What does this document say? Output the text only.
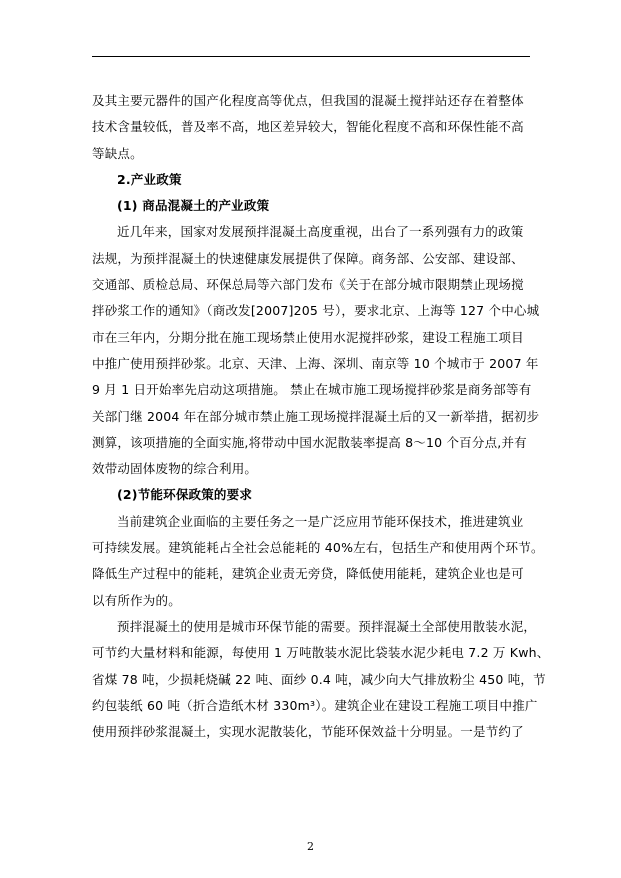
及其主要元器件的国产化程度高等优点，但我国的混凝土搅拌站还存在着整体

技术含量较低，普及率不高，地区差异较大，智能化程度不高和环保性能不高

等缺点。

2.产业政策

(1) 商品混凝土的产业政策

近几年来，国家对发展预拌混凝土高度重视，出台了一系列强有力的政策

法规，为预拌混凝土的快速健康发展提供了保障。商务部、公安部、建设部、

交通部、质检总局、环保总局等六部门发布《关于在部分城市限期禁止现场搅

拌砂浆工作的通知》（商改发[2007]205 号），要求北京、上海等 127 个中心城

市在三年内，分期分批在施工现场禁止使用水泥搅拌砂浆，建设工程施工项目

中推广使用预拌砂浆。北京、天津、上海、深圳、南京等 10 个城市于 2007 年

9 月 1 日开始率先启动这项措施。 禁止在城市施工现场搅拌砂浆是商务部等有

关部门继 2004 年在部分城市禁止施工现场搅拌混凝土后的又一新举措，据初步

测算，该项措施的全面实施,将带动中国水泥散装率提高 8～10 个百分点,并有

效带动固体废物的综合利用。

(2)节能环保政策的要求

当前建筑企业面临的主要任务之一是广泛应用节能环保技术，推进建筑业

可持续发展。建筑能耗占全社会总能耗的 40%左右，包括生产和使用两个环节。

降低生产过程中的能耗，建筑企业责无旁贷，降低使用能耗，建筑企业也是可

以有所作为的。

预拌混凝土的使用是城市环保节能的需要。预拌混凝土全部使用散装水泥，

可节约大量材料和能源，每使用 1 万吨散装水泥比袋装水泥少耗电 7.2 万 Kwh、

省煤 78 吨，少损耗烧碱 22 吨、面纱 0.4 吨，减少向大气排放粉尘 450 吨，节

约包装纸 60 吨（折合造纸木材 330m³）。建筑企业在建设工程施工项目中推广

使用预拌砂浆混凝土，实现水泥散装化，节能环保效益十分明显。一是节约了

2
